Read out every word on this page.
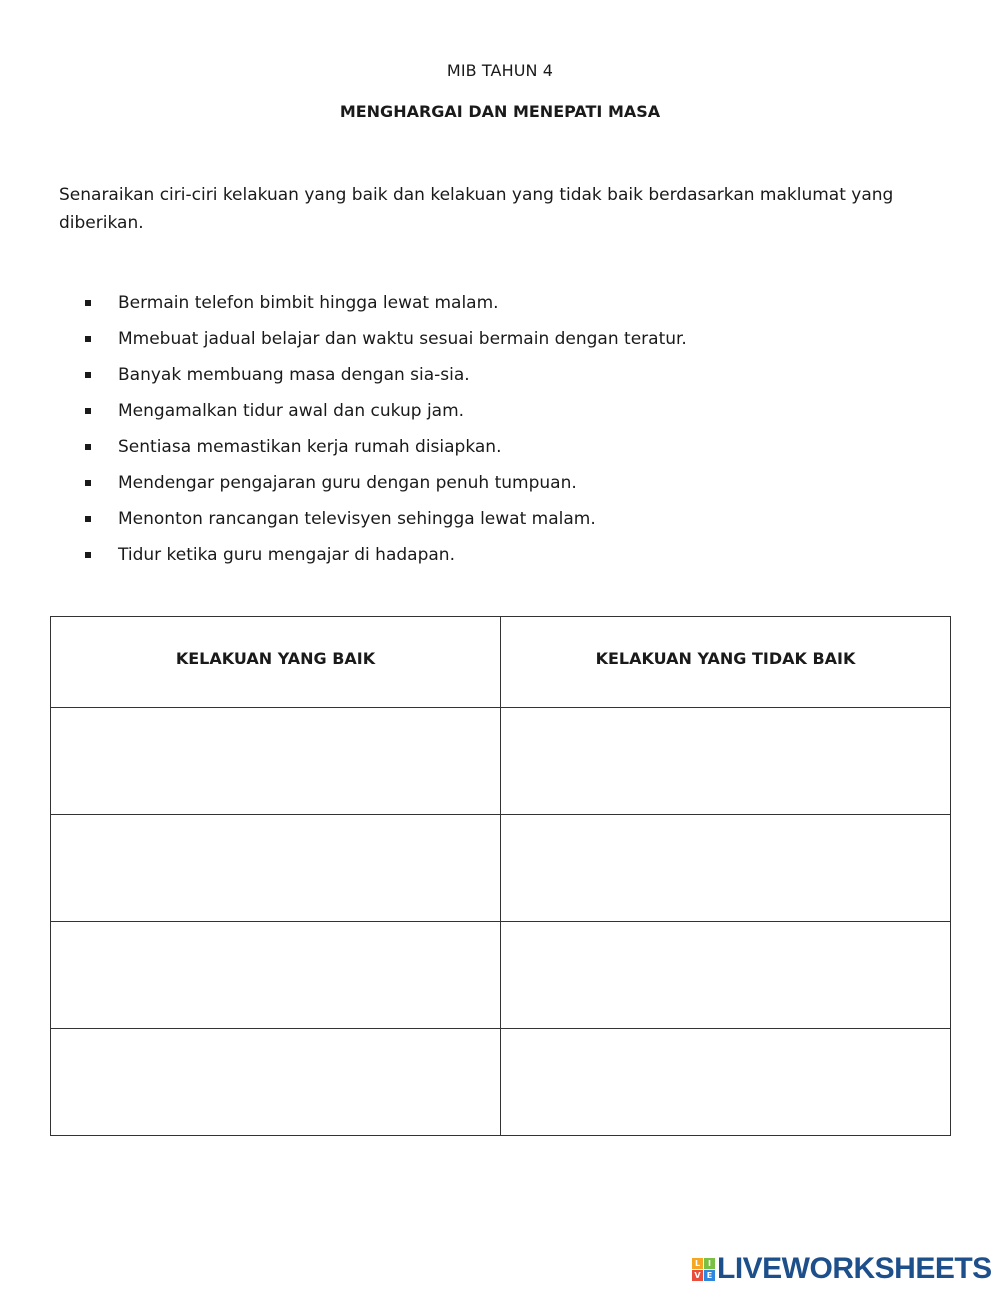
MIB TAHUN 4
MENGHARGAI DAN MENEPATI MASA
Senaraikan ciri-ciri kelakuan yang baik dan kelakuan yang tidak baik berdasarkan maklumat yang diberikan.
Bermain telefon bimbit hingga lewat malam.
Mmebuat jadual belajar dan waktu sesuai bermain dengan teratur.
Banyak membuang masa dengan sia-sia.
Mengamalkan tidur awal dan cukup jam.
Sentiasa memastikan kerja rumah disiapkan.
Mendengar pengajaran guru dengan penuh tumpuan.
Menonton rancangan televisyen sehingga lewat malam.
Tidur ketika guru mengajar di hadapan.
KELAKUAN YANG BAIK	KELAKUAN YANG TIDAK BAIK

L I
V E LIVEWORKSHEETS
